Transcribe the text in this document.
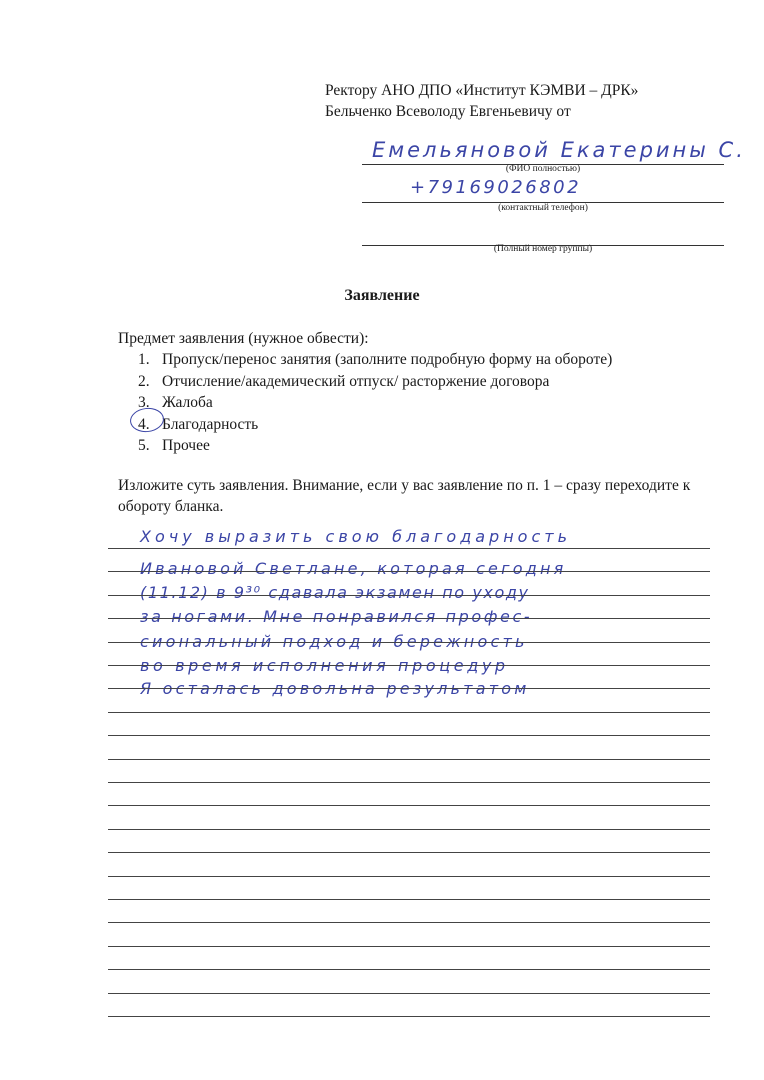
Ректору АНО ДПО «Институт КЭМВИ – ДРК»
Бельченко Всеволоду Евгеньевичу от
Емельяновой Екатерины С.
(ФИО полностью)
+79169026802
(контактный телефон)
(Полный номер группы)
Заявление
Предмет заявления (нужное обвести):
1. Пропуск/перенос занятия (заполните подробную форму на обороте)
2. Отчисление/академический отпуск/ расторжение договора
3. Жалоба
4. Благодарность
5. Прочее
Изложите суть заявления. Внимание, если у вас заявление по п. 1 – сразу переходите к обороту бланка.
Хочу выразить свою благодарность
Ивановой Светлане, которая сегодня
(11.12) в 9³⁰ сдавала экзамен по уходу
за ногами. Мне понравился профес-
сиональный подход и бережность
во время исполнения процедур
Я осталась довольна результатом
